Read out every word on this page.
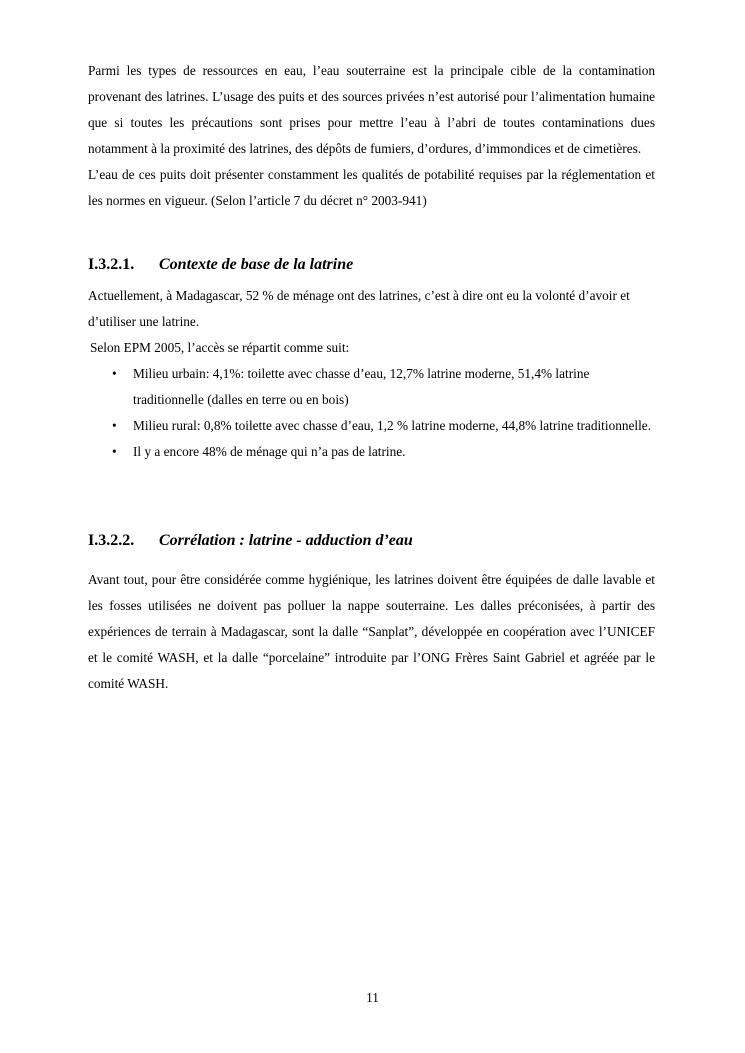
Parmi les types de ressources en eau, l’eau souterraine est la principale cible de la contamination provenant des latrines. L’usage des puits et des sources privées n’est autorisé pour l’alimentation humaine que si toutes les précautions sont prises pour mettre l’eau à l’abri de toutes contaminations dues notamment à la proximité des latrines, des dépôts de fumiers, d’ordures, d’immondices et de cimetières.

L’eau de ces puits doit présenter constamment les qualités de potabilité requises par la réglementation et les normes en vigueur. (Selon l’article 7 du décret n° 2003-941)

I.3.2.1. Contexte de base de la latrine

Actuellement, à Madagascar, 52 % de ménage ont des latrines, c’est à dire ont eu la volonté d’avoir et d’utiliser une latrine.

Selon EPM 2005, l’accès se répartit comme suit:

• Milieu urbain: 4,1%: toilette avec chasse d’eau, 12,7% latrine moderne, 51,4% latrine traditionnelle (dalles en terre ou en bois)
• Milieu rural: 0,8% toilette avec chasse d’eau, 1,2 % latrine moderne, 44,8% latrine traditionnelle.
• Il y a encore 48% de ménage qui n’a pas de latrine.
I.3.2.2. Corrélation : latrine - adduction d’eau

Avant tout, pour être considérée comme hygiénique, les latrines doivent être équipées de dalle lavable et les fosses utilisées ne doivent pas polluer la nappe souterraine. Les dalles préconisées, à partir des expériences de terrain à Madagascar, sont la dalle “Sanplat”, développée en coopération avec l’UNICEF et le comité WASH, et la dalle “porcelaine” introduite par l’ONG Frères Saint Gabriel et agréée par le comité WASH.

11
